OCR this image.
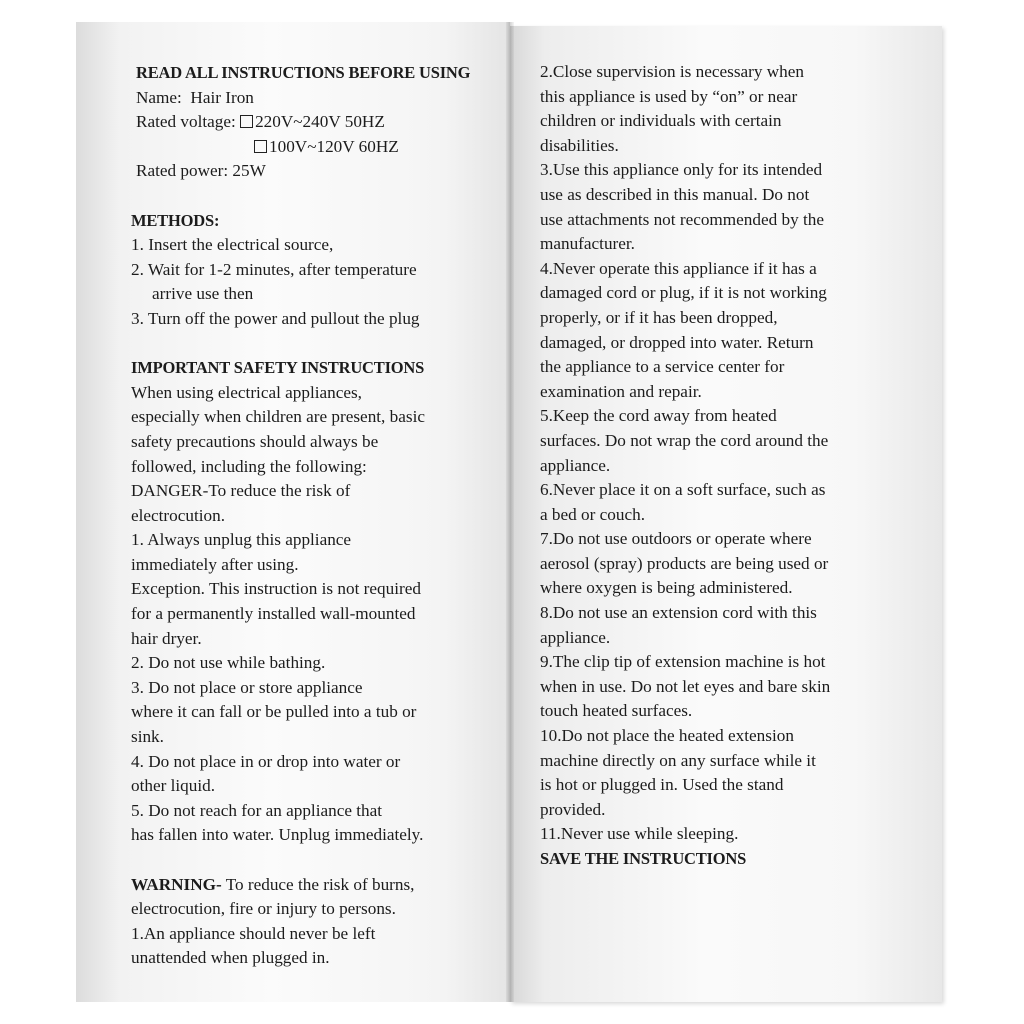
READ ALL INSTRUCTIONS BEFORE USING
Name: Hair Iron
Rated voltage: 220V~240V 50HZ
100V~120V 60HZ
Rated power: 25W
METHODS:
1. Insert the electrical source,
2. Wait for 1-2 minutes, after temperature
arrive use then
3. Turn off the power and pullout the plug
IMPORTANT SAFETY INSTRUCTIONS
When using electrical appliances,
especially when children are present, basic
safety precautions should always be
followed, including the following:
DANGER-To reduce the risk of
electrocution.
1. Always unplug this appliance
immediately after using.
Exception. This instruction is not required
for a permanently installed wall-mounted
hair dryer.
2. Do not use while bathing.
3. Do not place or store appliance
where it can fall or be pulled into a tub or
sink.
4. Do not place in or drop into water or
other liquid.
5. Do not reach for an appliance that
has fallen into water. Unplug immediately.
WARNING- To reduce the risk of burns,
electrocution, fire or injury to persons.
1.An appliance should never be left
unattended when plugged in.
2.Close supervision is necessary when
this appliance is used by “on” or near
children or individuals with certain
disabilities.
3.Use this appliance only for its intended
use as described in this manual. Do not
use attachments not recommended by the
manufacturer.
4.Never operate this appliance if it has a
damaged cord or plug, if it is not working
properly, or if it has been dropped,
damaged, or dropped into water. Return
the appliance to a service center for
examination and repair.
5.Keep the cord away from heated
surfaces. Do not wrap the cord around the
appliance.
6.Never place it on a soft surface, such as
a bed or couch.
7.Do not use outdoors or operate where
aerosol (spray) products are being used or
where oxygen is being administered.
8.Do not use an extension cord with this
appliance.
9.The clip tip of extension machine is hot
when in use. Do not let eyes and bare skin
touch heated surfaces.
10.Do not place the heated extension
machine directly on any surface while it
is hot or plugged in. Used the stand
provided.
11.Never use while sleeping.
SAVE THE INSTRUCTIONS
